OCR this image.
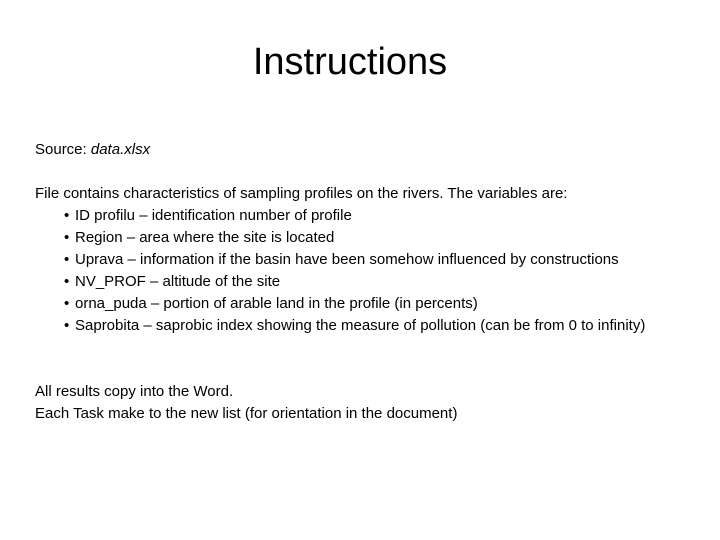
Instructions

Source: data.xlsx

File contains characteristics of sampling profiles on the rivers. The variables are:

• ID profilu – identification number of profile
• Region – area where the site is located
• Uprava – information if the basin have been somehow influenced by constructions
• NV_PROF – altitude of the site
• orna_puda – portion of arable land in the profile (in percents)
• Saprobita – saprobic index showing the measure of pollution (can be from 0 to infinity)

All results copy into the Word.

Each Task make to the new list (for orientation in the document)
